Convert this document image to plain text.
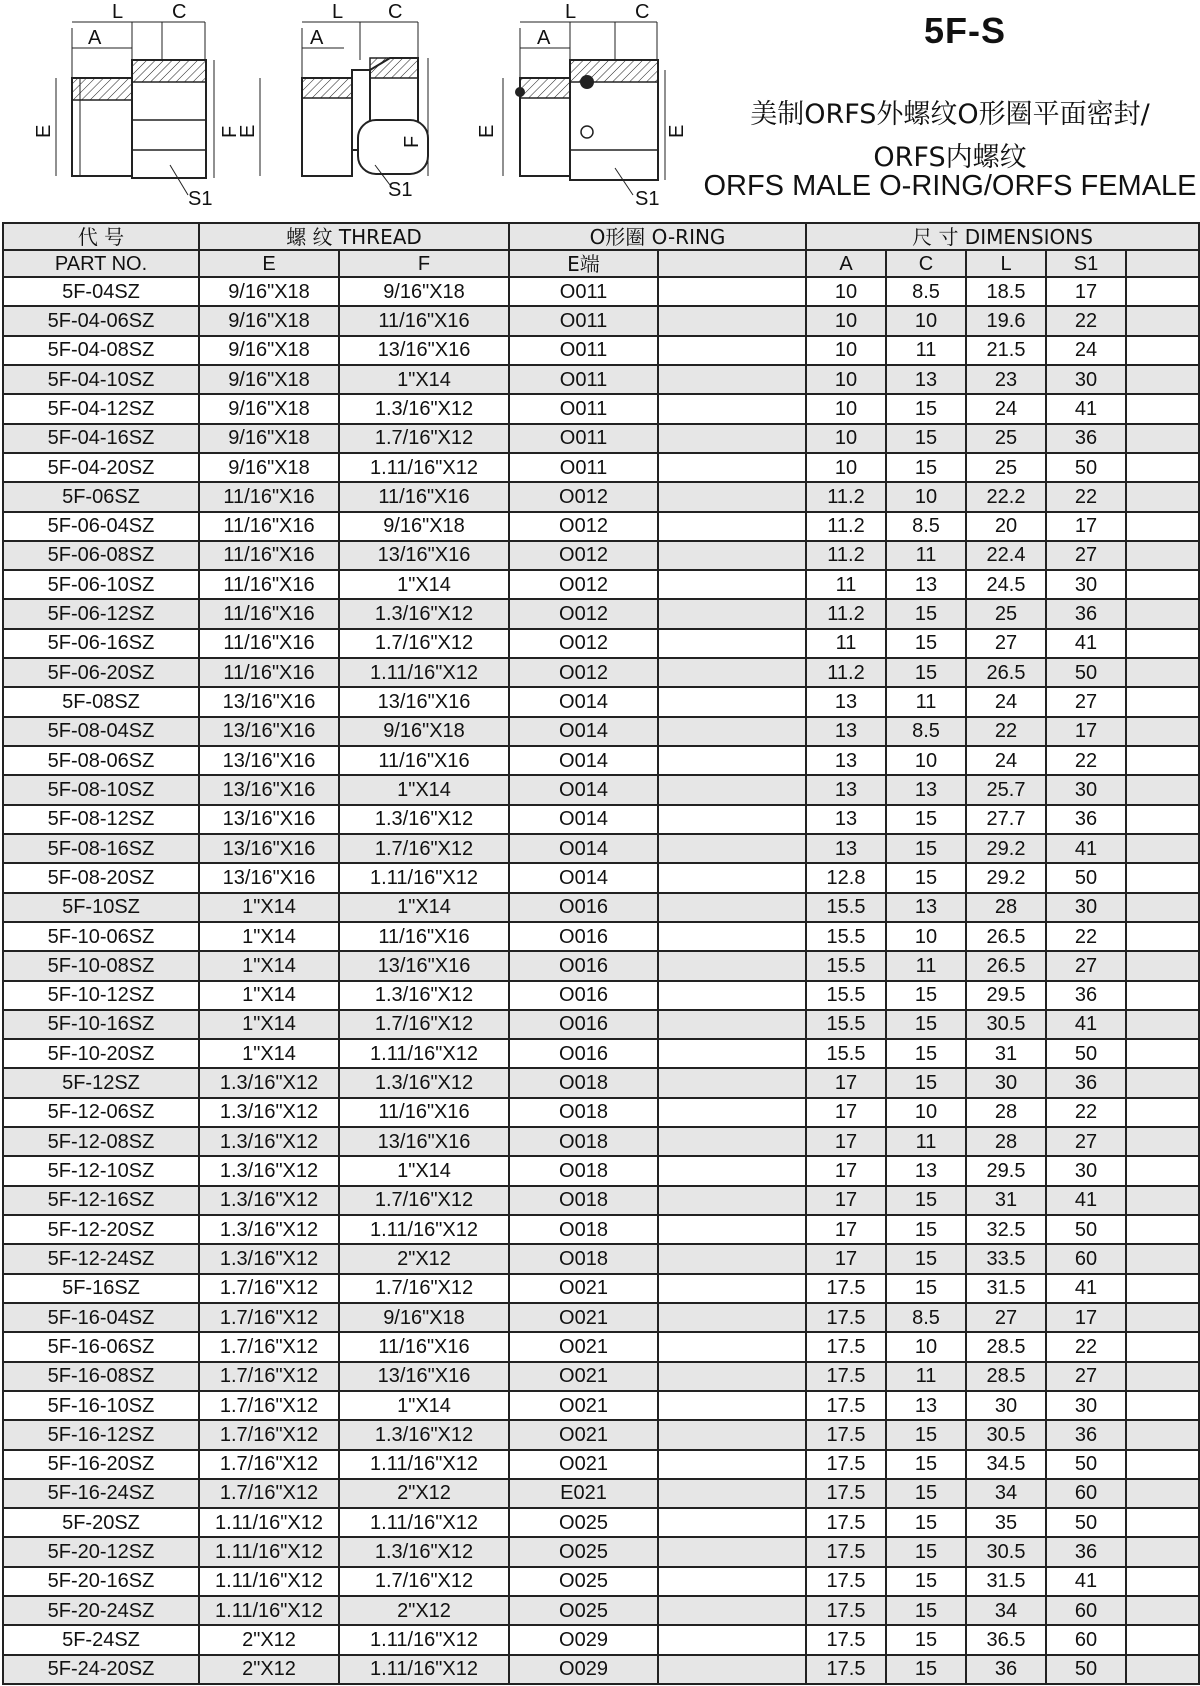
L C
A
E	F
S1
L C
A
E
F
S1
L	C
A
E	E
S1
5F-S
美制ORFS外螺纹O形圈平面密封/
ORFS内螺纹
ORFS MALE O-RING/ORFS FEMALE
代 号	螺 纹 THREAD		O形圈 O-RING		尺 寸 DIMENSIONS				
PART NO.	E	F	E端		A	C	L	S1	
5F-04SZ	9/16"X18	9/16"X18	O011		10	8.5	18.5	17	
5F-04-06SZ	9/16"X18	11/16"X16	O011		10	10	19.6	22	
5F-04-08SZ	9/16"X18	13/16"X16	O011		10	11	21.5	24	
5F-04-10SZ	9/16"X18	1"X14	O011		10	13	23	30	
5F-04-12SZ	9/16"X18	1.3/16"X12	O011		10	15	24	41	
5F-04-16SZ	9/16"X18	1.7/16"X12	O011		10	15	25	36	
5F-04-20SZ	9/16"X18	1.11/16"X12	O011		10	15	25	50	
5F-06SZ	11/16"X16	11/16"X16	O012		11.2	10	22.2	22	
5F-06-04SZ	11/16"X16	9/16"X18	O012		11.2	8.5	20	17	
5F-06-08SZ	11/16"X16	13/16"X16	O012		11.2	11	22.4	27	
5F-06-10SZ	11/16"X16	1"X14	O012		11	13	24.5	30	
5F-06-12SZ	11/16"X16	1.3/16"X12	O012		11.2	15	25	36	
5F-06-16SZ	11/16"X16	1.7/16"X12	O012		11	15	27	41	
5F-06-20SZ	11/16"X16	1.11/16"X12	O012		11.2	15	26.5	50	
5F-08SZ	13/16"X16	13/16"X16	O014		13	11	24	27	
5F-08-04SZ	13/16"X16	9/16"X18	O014		13	8.5	22	17	
5F-08-06SZ	13/16"X16	11/16"X16	O014		13	10	24	22	
5F-08-10SZ	13/16"X16	1"X14	O014		13	13	25.7	30	
5F-08-12SZ	13/16"X16	1.3/16"X12	O014		13	15	27.7	36	
5F-08-16SZ	13/16"X16	1.7/16"X12	O014		13	15	29.2	41	
5F-08-20SZ	13/16"X16	1.11/16"X12	O014		12.8	15	29.2	50	
5F-10SZ	1"X14	1"X14	O016		15.5	13	28	30	
5F-10-06SZ	1"X14	11/16"X16	O016		15.5	10	26.5	22	
5F-10-08SZ	1"X14	13/16"X16	O016		15.5	11	26.5	27	
5F-10-12SZ	1"X14	1.3/16"X12	O016		15.5	15	29.5	36	
5F-10-16SZ	1"X14	1.7/16"X12	O016		15.5	15	30.5	41	
5F-10-20SZ	1"X14	1.11/16"X12	O016		15.5	15	31	50	
5F-12SZ	1.3/16"X12	1.3/16"X12	O018		17	15	30	36	
5F-12-06SZ	1.3/16"X12	11/16"X16	O018		17	10	28	22	
5F-12-08SZ	1.3/16"X12	13/16"X16	O018		17	11	28	27	
5F-12-10SZ	1.3/16"X12	1"X14	O018		17	13	29.5	30	
5F-12-16SZ	1.3/16"X12	1.7/16"X12	O018		17	15	31	41	
5F-12-20SZ	1.3/16"X12	1.11/16"X12	O018		17	15	32.5	50	
5F-12-24SZ	1.3/16"X12	2"X12	O018		17	15	33.5	60	
5F-16SZ	1.7/16"X12	1.7/16"X12	O021		17.5	15	31.5	41	
5F-16-04SZ	1.7/16"X12	9/16"X18	O021		17.5	8.5	27	17	
5F-16-06SZ	1.7/16"X12	11/16"X16	O021		17.5	10	28.5	22	
5F-16-08SZ	1.7/16"X12	13/16"X16	O021		17.5	11	28.5	27	
5F-16-10SZ	1.7/16"X12	1"X14	O021		17.5	13	30	30	
5F-16-12SZ	1.7/16"X12	1.3/16"X12	O021		17.5	15	30.5	36	
5F-16-20SZ	1.7/16"X12	1.11/16"X12	O021		17.5	15	34.5	50	
5F-16-24SZ	1.7/16"X12	2"X12	E021		17.5	15	34	60	
5F-20SZ	1.11/16"X12	1.11/16"X12	O025		17.5	15	35	50	
5F-20-12SZ	1.11/16"X12	1.3/16"X12	O025		17.5	15	30.5	36	
5F-20-16SZ	1.11/16"X12	1.7/16"X12	O025		17.5	15	31.5	41	
5F-20-24SZ	1.11/16"X12	2"X12	O025		17.5	15	34	60	
5F-24SZ	2"X12	1.11/16"X12	O029		17.5	15	36.5	60	
5F-24-20SZ	2"X12	1.11/16"X12	O029		17.5	15	36	50	
